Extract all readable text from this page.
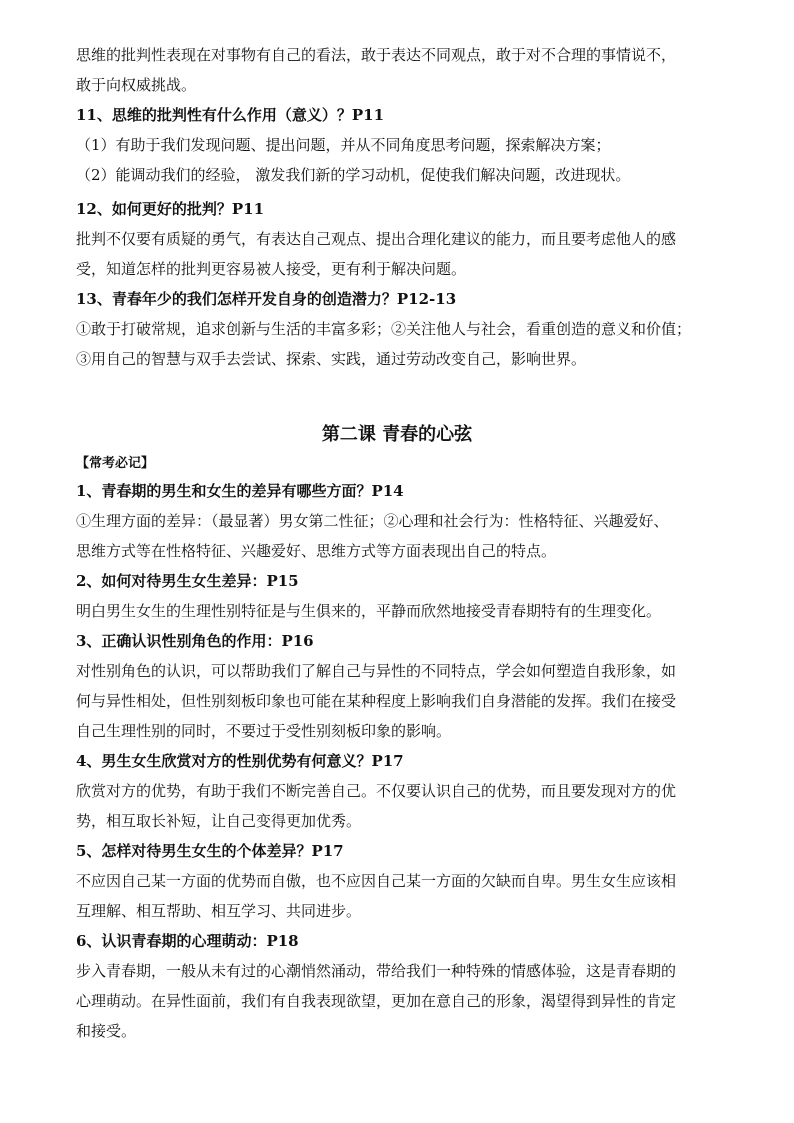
思维的批判性表现在对事物有自己的看法，敢于表达不同观点，敢于对不合理的事情说不，

敢于向权威挑战。

11、思维的批判性有什么作用（意义）？P11

（1）有助于我们发现问题、提出问题，并从不同角度思考问题，探索解决方案；

（2）能调动我们的经验， 激发我们新的学习动机，促使我们解决问题，改进现状。

12、如何更好的批判？P11

批判不仅要有质疑的勇气，有表达自己观点、提出合理化建议的能力，而且要考虑他人的感

受，知道怎样的批判更容易被人接受，更有利于解决问题。

13、青春年少的我们怎样开发自身的创造潜力？P12-13

①敢于打破常规，追求创新与生活的丰富多彩；②关注他人与社会，看重创造的意义和价值；

③用自己的智慧与双手去尝试、探索、实践，通过劳动改变自己，影响世界。

第二课 青春的心弦

【常考必记】

1、青春期的男生和女生的差异有哪些方面？P14

①生理方面的差异：（最显著）男女第二性征；②心理和社会行为：性格特征、兴趣爱好、

思维方式等在性格特征、兴趣爱好、思维方式等方面表现出自己的特点。

2、如何对待男生女生差异：P15

明白男生女生的生理性别特征是与生俱来的，平静而欣然地接受青春期特有的生理变化。

3、正确认识性别角色的作用：P16

对性别角色的认识，可以帮助我们了解自己与异性的不同特点，学会如何塑造自我形象，如

何与异性相处，但性别刻板印象也可能在某种程度上影响我们自身潜能的发挥。我们在接受

自己生理性别的同时，不要过于受性别刻板印象的影响。

4、男生女生欣赏对方的性别优势有何意义？P17

欣赏对方的优势，有助于我们不断完善自己。不仅要认识自己的优势，而且要发现对方的优

势，相互取长补短，让自己变得更加优秀。

5、怎样对待男生女生的个体差异？P17

不应因自己某一方面的优势而自傲，也不应因自己某一方面的欠缺而自卑。男生女生应该相

互理解、相互帮助、相互学习、共同进步。

6、认识青春期的心理萌动：P18

步入青春期，一般从未有过的心潮悄然涌动，带给我们一种特殊的情感体验，这是青春期的

心理萌动。在异性面前，我们有自我表现欲望，更加在意自己的形象，渴望得到异性的肯定

和接受。
